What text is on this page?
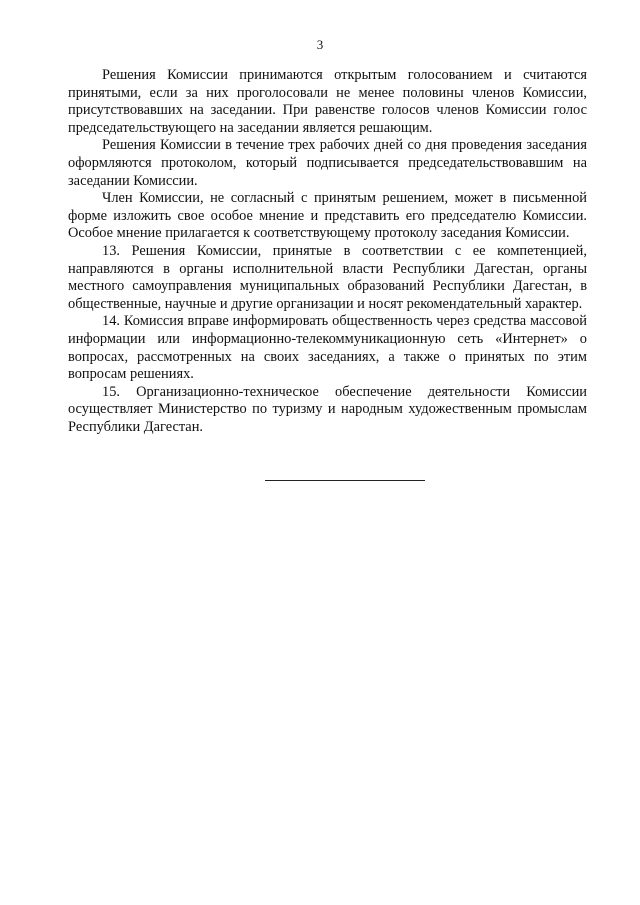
3

Решения Комиссии принимаются открытым голосованием и считаются принятыми, если за них проголосовали не менее половины членов Комиссии, присутствовавших на заседании. При равенстве голосов членов Комиссии голос председательствующего на заседании является решающим.

Решения Комиссии в течение трех рабочих дней со дня проведения заседания оформляются протоколом, который подписывается председательствовавшим на заседании Комиссии.

Член Комиссии, не согласный с принятым решением, может в письменной форме изложить свое особое мнение и представить его председателю Комиссии. Особое мнение прилагается к соответствующему протоколу заседания Комиссии.

13. Решения Комиссии, принятые в соответствии с ее компетенцией, направляются в органы исполнительной власти Республики Дагестан, органы местного самоуправления муниципальных образований Республики Дагестан, в общественные, научные и другие организации и носят рекомендательный характер.

14. Комиссия вправе информировать общественность через средства массовой информации или информационно-телекоммуникационную сеть «Интернет» о вопросах, рассмотренных на своих заседаниях, а также о принятых по этим вопросам решениях.

15. Организационно-техническое обеспечение деятельности Комиссии осуществляет Министерство по туризму и народным художественным промыслам Республики Дагестан.
